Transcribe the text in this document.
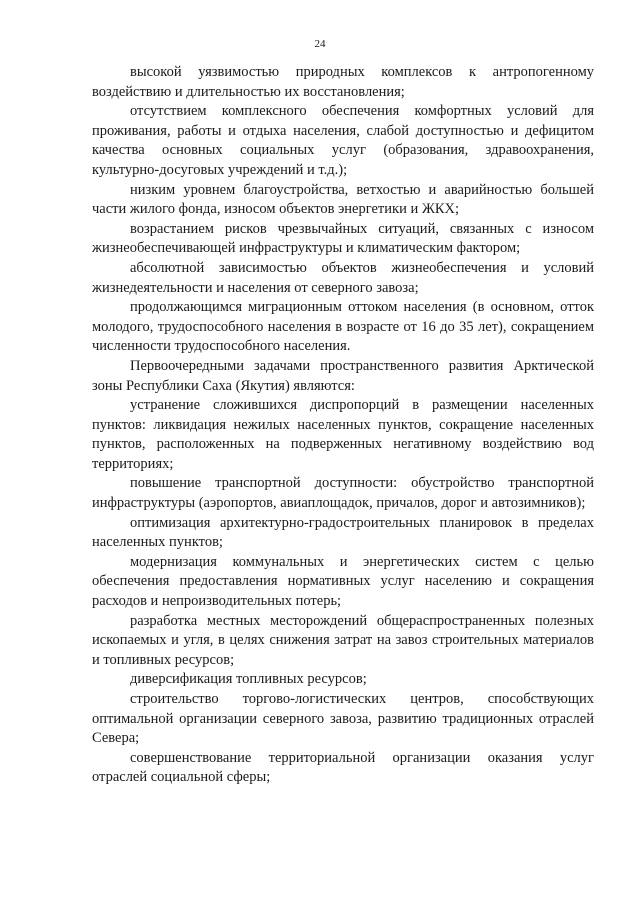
24

высокой уязвимостью природных комплексов к антропогенному воздействию и длительностью их восстановления;

отсутствием комплексного обеспечения комфортных условий для проживания, работы и отдыха населения, слабой доступностью и дефицитом качества основных социальных услуг (образования, здравоохранения, культурно-досуговых учреждений и т.д.);

низким уровнем благоустройства, ветхостью и аварийностью большей части жилого фонда, износом объектов энергетики и ЖКХ;

возрастанием рисков чрезвычайных ситуаций, связанных с износом жизнеобеспечивающей инфраструктуры и климатическим фактором;

абсолютной зависимостью объектов жизнеобеспечения и условий жизнедеятельности и населения от северного завоза;

продолжающимся миграционным оттоком населения (в основном, отток молодого, трудоспособного населения в возрасте от 16 до 35 лет), сокращением численности трудоспособного населения.

Первоочередными задачами пространственного развития Арктической зоны Республики Саха (Якутия) являются:

устранение сложившихся диспропорций в размещении населенных пунктов: ликвидация нежилых населенных пунктов, сокращение населенных пунктов, расположенных на подверженных негативному воздействию вод территориях;

повышение транспортной доступности: обустройство транспортной инфраструктуры (аэропортов, авиаплощадок, причалов, дорог и автозимников);

оптимизация архитектурно-градостроительных планировок в пределах населенных пунктов;

модернизация коммунальных и энергетических систем с целью обеспечения предоставления нормативных услуг населению и сокращения расходов и непроизводительных потерь;

разработка местных месторождений общераспространенных полезных ископаемых и угля, в целях снижения затрат на завоз строительных материалов и топливных ресурсов;

диверсификация топливных ресурсов;

строительство торгово-логистических центров, способствующих оптимальной организации северного завоза, развитию традиционных отраслей Севера;

совершенствование территориальной организации оказания услуг отраслей социальной сферы;
